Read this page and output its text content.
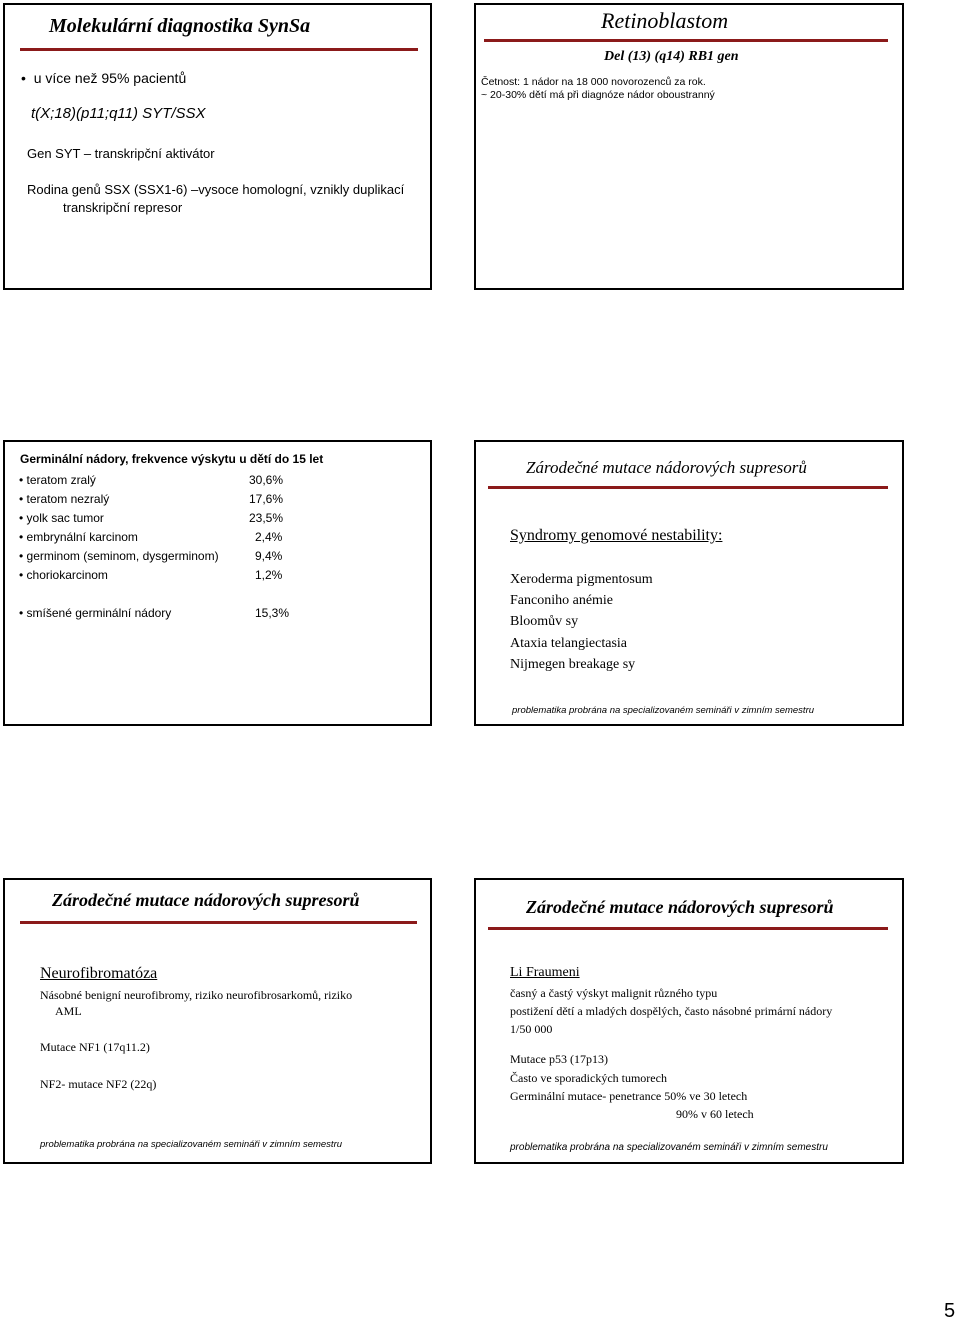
Molekulární diagnostika SynSa
• u více než 95% pacientů
t(X;18)(p11;q11) SYT/SSX
Gen SYT – transkripční aktivátor
Rodina genů SSX (SSX1-6) –vysoce homologní, vznikly duplikací
transkripční represor
Retinoblastom
Del (13) (q14) RB1 gen
Četnost: 1 nádor na 18 000 novorozenců za rok.
~ 20-30% dětí má při diagnóze nádor oboustranný
Germinální nádory, frekvence výskytu u dětí do 15 let
• teratom zralý	30,6%
• teratom nezralý	17,6%
• yolk sac tumor	23,5%
• embrynální karcinom	2,4%
• germinom (seminom, dysgerminom)	9,4%
• choriokarcinom	1,2%
• smíšené germinální nádory	15,3%
Zárodečné mutace nádorových supresorů
Syndromy genomové nestability:
Xeroderma pigmentosum
Fanconiho anémie
Bloomův sy
Ataxia telangiectasia
Nijmegen breakage sy
problematika probrána na specializovaném semináři v zimním semestru
Zárodečné mutace nádorových supresorů
Neurofibromatóza
Násobné benigní neurofibromy, riziko neurofibrosarkomů, riziko
AML
Mutace NF1 (17q11.2)
NF2- mutace NF2 (22q)
problematika probrána na specializovaném semináři v zimním semestru
Zárodečné mutace nádorových supresorů
Li Fraumeni
časný a častý výskyt malignit různého typu
postižení dětí a mladých dospělých, často násobné primární nádory
1/50 000
Mutace p53 (17p13)
Často ve sporadických tumorech
Germinální mutace- penetrance 50% ve 30 letech
90% v 60 letech
problematika probrána na specializovaném semináři v zimním semestru
5
